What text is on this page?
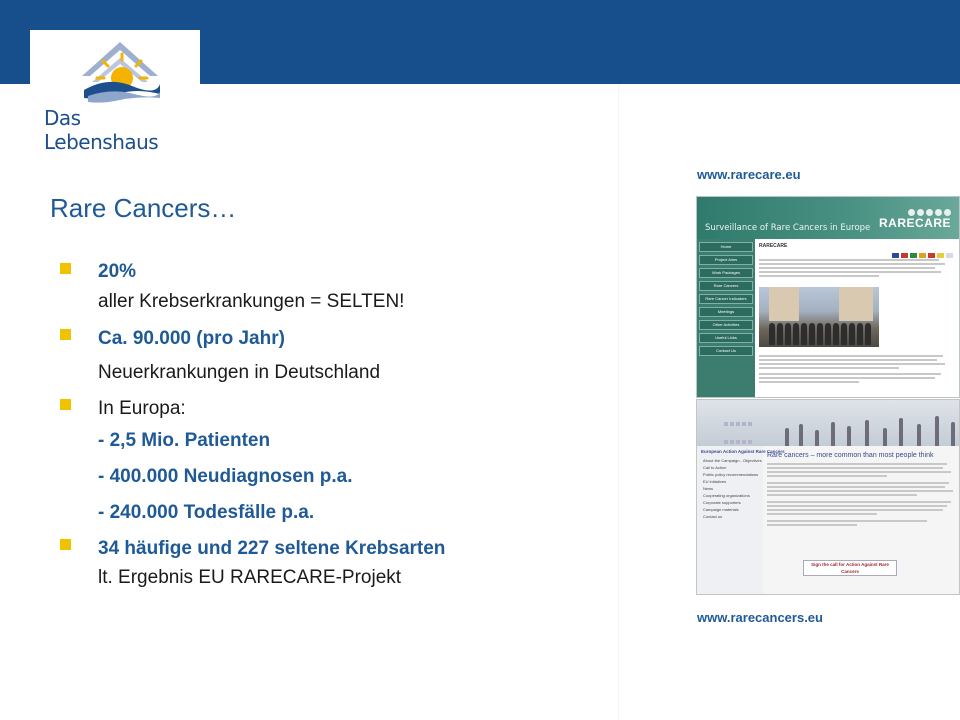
Das Lebenshaus
Rare Cancers…
20%
aller Krebserkrankungen = SELTEN!
Ca. 90.000 (pro Jahr)
Neuerkrankungen in Deutschland
In Europa:
- 2,5 Mio. Patienten
- 400.000 Neudiagnosen p.a.
- 240.000 Todesfälle p.a.
34 häufige und 227 seltene Krebsarten
lt. Ergebnis EU RARECARE-Projekt
www.rarecare.eu
Surveillance of Rare Cancers in Europe RARECARE
Home
Project Aims
Work Packages
Rare Cancers
Rare Cancer Indicators
Meetings
Other Activities
Useful Links
Contact Us
RARECARE

European Action Against Rare Cancers
About the Campaign - Objectives
Call to Action
Public policy recommendations
EU initiatives
News
Cooperating organizations
Corporate supporters
Campaign materials
Contact us
Rare cancers – more common than most people think
Sign the call for Action Against Rare Cancers
www.rarecancers.eu
